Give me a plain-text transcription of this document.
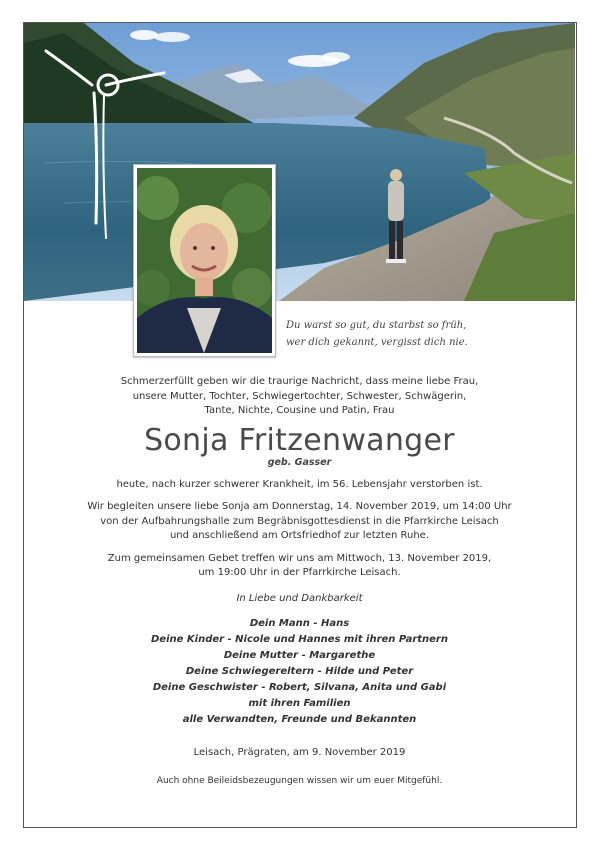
Du warst so gut, du starbst so früh,
wer dich gekannt, vergisst dich nie.

Schmerzerfüllt geben wir die traurige Nachricht, dass meine liebe Frau,

unsere Mutter, Tochter, Schwiegertochter, Schwester, Schwägerin,

Tante, Nichte, Cousine und Patin, Frau

Sonja Fritzenwanger
geb. Gasser

heute, nach kurzer schwerer Krankheit, im 56. Lebensjahr verstorben ist.

Wir begleiten unsere liebe Sonja am Donnerstag, 14. November 2019, um 14:00 Uhr

von der Aufbahrungshalle zum Begräbnisgottesdienst in die Pfarrkirche Leisach

und anschließend am Ortsfriedhof zur letzten Ruhe.

Zum gemeinsamen Gebet treffen wir uns am Mittwoch, 13. November 2019,

um 19:00 Uhr in der Pfarrkirche Leisach.

In Liebe und Dankbarkeit

Dein Mann - Hans

Deine Kinder - Nicole und Hannes mit ihren Partnern

Deine Mutter - Margarethe

Deine Schwiegereltern - Hilde und Peter

Deine Geschwister - Robert, Silvana, Anita und Gabi

mit ihren Familien

alle Verwandten, Freunde und Bekannten

Leisach, Prägraten, am 9. November 2019

Auch ohne Beileidsbezeugungen wissen wir um euer Mitgefühl.
